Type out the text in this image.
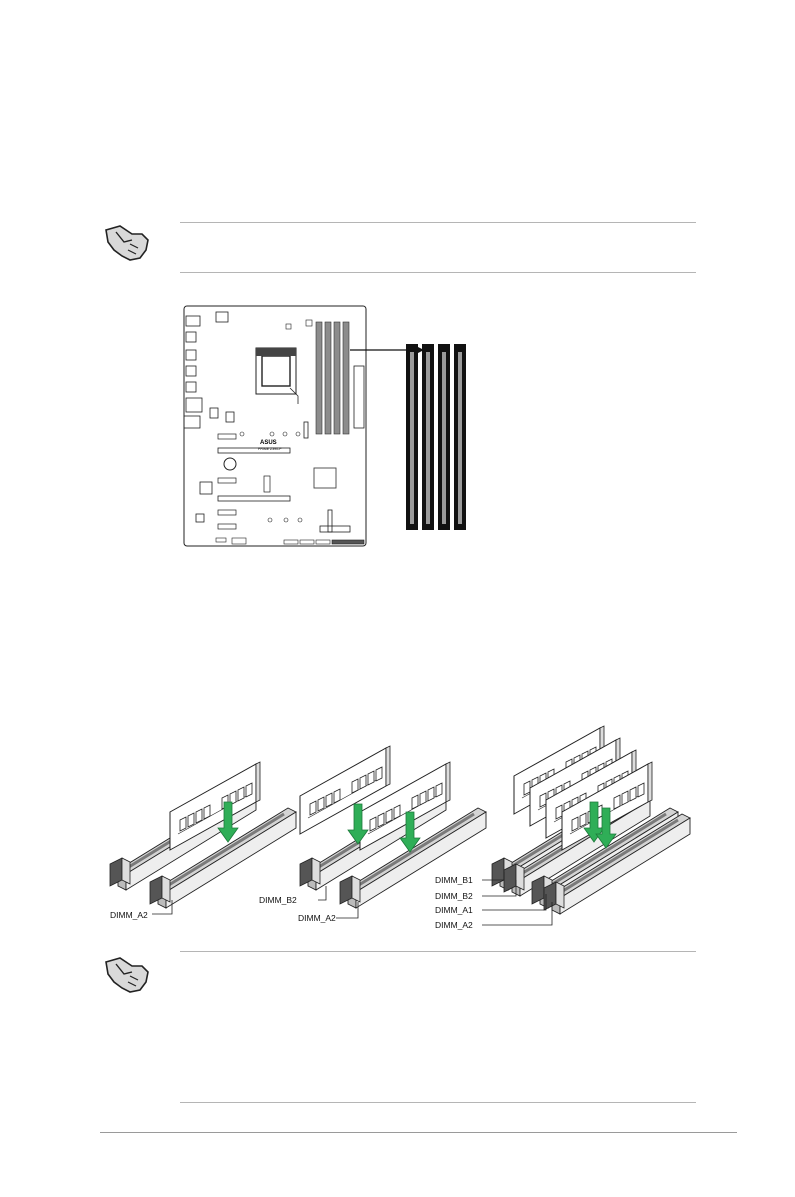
ASUS
PRIME Z390-P
DIMM_A2
DIMM_B2
DIMM_A2
DIMM_B1
DIMM_B2
DIMM_A1
DIMM_A2
